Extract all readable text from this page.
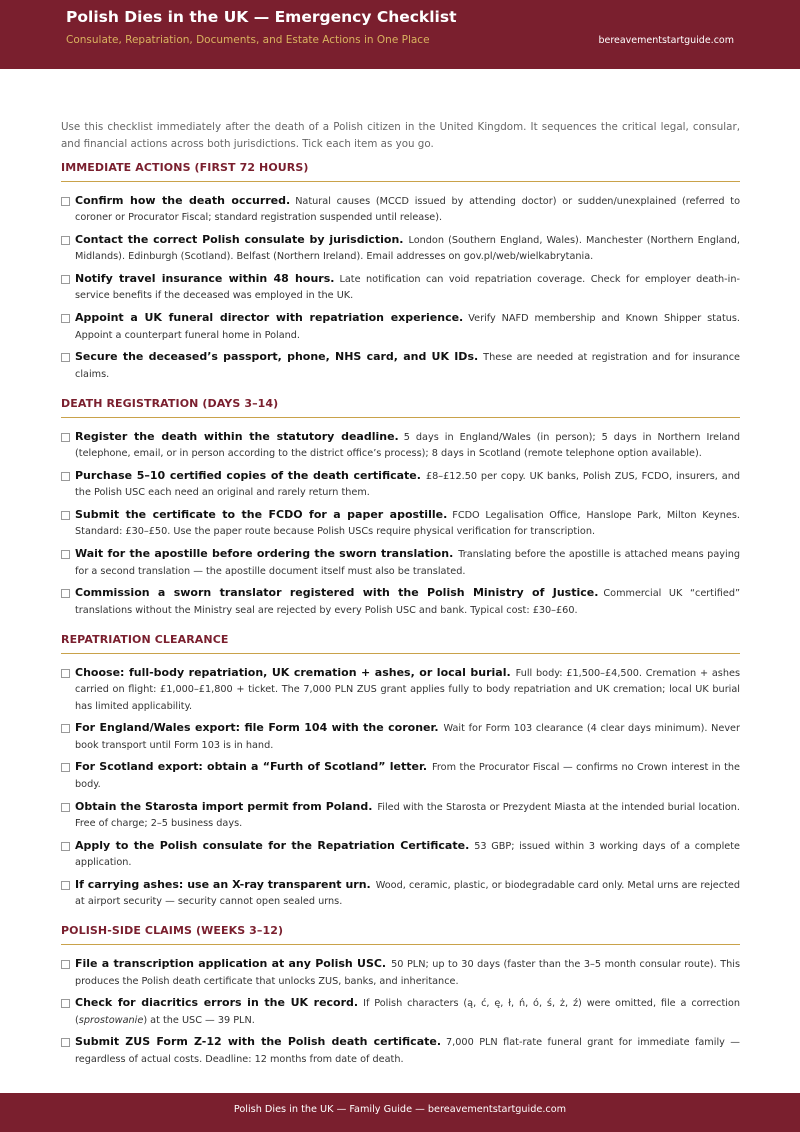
Polish Dies in the UK — Emergency Checklist
Consulate, Repatriation, Documents, and Estate Actions in One Place	bereavementstartguide.com

Use this checklist immediately after the death of a Polish citizen in the United Kingdom. It sequences the critical legal, consular, and financial actions across both jurisdictions. Tick each item as you go.

IMMEDIATE ACTIONS (FIRST 72 HOURS)
Confirm how the death occurred. Natural causes (MCCD issued by attending doctor) or sudden/unexplained (referred to coroner or Procurator Fiscal; standard registration suspended until release).
Contact the correct Polish consulate by jurisdiction. London (Southern England, Wales). Manchester (Northern England, Midlands). Edinburgh (Scotland). Belfast (Northern Ireland). Email addresses on gov.pl/web/wielkabrytania.
Notify travel insurance within 48 hours. Late notification can void repatriation coverage. Check for employer death-in-service benefits if the deceased was employed in the UK.
Appoint a UK funeral director with repatriation experience. Verify NAFD membership and Known Shipper status. Appoint a counterpart funeral home in Poland.
Secure the deceased’s passport, phone, NHS card, and UK IDs. These are needed at registration and for insurance claims.
DEATH REGISTRATION (DAYS 3–14)
Register the death within the statutory deadline. 5 days in England/Wales (in person); 5 days in Northern Ireland (telephone, email, or in person according to the district office’s process); 8 days in Scotland (remote telephone option available).
Purchase 5–10 certified copies of the death certificate. £8–£12.50 per copy. UK banks, Polish ZUS, FCDO, insurers, and the Polish USC each need an original and rarely return them.
Submit the certificate to the FCDO for a paper apostille. FCDO Legalisation Office, Hanslope Park, Milton Keynes. Standard: £30–£50. Use the paper route because Polish USCs require physical verification for transcription.
Wait for the apostille before ordering the sworn translation. Translating before the apostille is attached means paying for a second translation — the apostille document itself must also be translated.
Commission a sworn translator registered with the Polish Ministry of Justice. Commercial UK “certified” translations without the Ministry seal are rejected by every Polish USC and bank. Typical cost: £30–£60.
REPATRIATION CLEARANCE
Choose: full-body repatriation, UK cremation + ashes, or local burial. Full body: £1,500–£4,500. Cremation + ashes carried on flight: £1,000–£1,800 + ticket. The 7,000 PLN ZUS grant applies fully to body repatriation and UK cremation; local UK burial has limited applicability.
For England/Wales export: file Form 104 with the coroner. Wait for Form 103 clearance (4 clear days minimum). Never book transport until Form 103 is in hand.
For Scotland export: obtain a “Furth of Scotland” letter. From the Procurator Fiscal — confirms no Crown interest in the body.
Obtain the Starosta import permit from Poland. Filed with the Starosta or Prezydent Miasta at the intended burial location. Free of charge; 2–5 business days.
Apply to the Polish consulate for the Repatriation Certificate. 53 GBP; issued within 3 working days of a complete application.
If carrying ashes: use an X-ray transparent urn. Wood, ceramic, plastic, or biodegradable card only. Metal urns are rejected at airport security — security cannot open sealed urns.
POLISH-SIDE CLAIMS (WEEKS 3–12)
File a transcription application at any Polish USC. 50 PLN; up to 30 days (faster than the 3–5 month consular route). This produces the Polish death certificate that unlocks ZUS, banks, and inheritance.
Check for diacritics errors in the UK record. If Polish characters (ą, ć, ę, ł, ń, ó, ś, ż, ź) were omitted, file a correction (sprostowanie) at the USC — 39 PLN.
Submit ZUS Form Z-12 with the Polish death certificate. 7,000 PLN flat-rate funeral grant for immediate family — regardless of actual costs. Deadline: 12 months from date of death.
Polish Dies in the UK — Family Guide — bereavementstartguide.com
